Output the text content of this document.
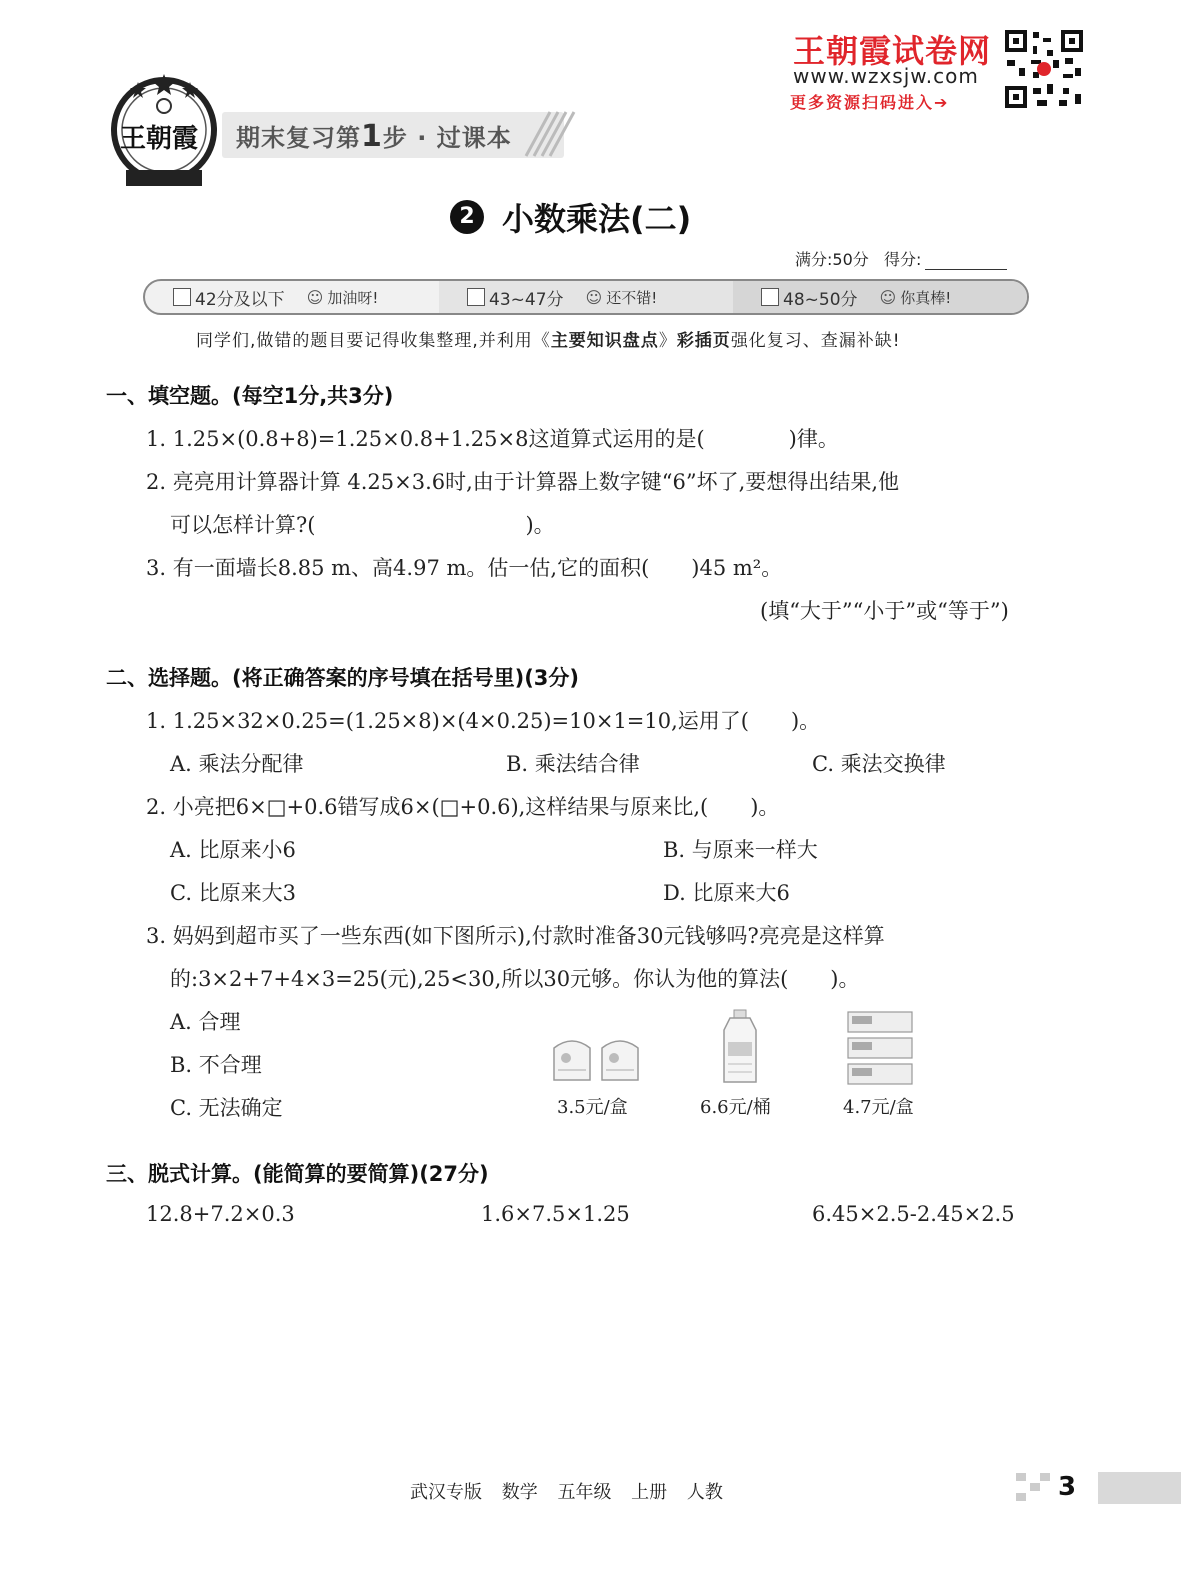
王朝霞 期末复习第1步 · 过课本
王朝霞试卷网
www.wzxsjw.com
更多资源扫码进入➔
2 小数乘法(二)
满分:50分 得分:
42分及以下 ☺ 加油呀!	43~47分 ☺ 还不错!	48~50分 ☺ 你真棒!
同学们,做错的题目要记得收集整理,并利用《主要知识盘点》彩插页强化复习、查漏补缺!
一、填空题。(每空1分,共3分)
1. 1.25×(0.8+8)=1.25×0.8+1.25×8这道算式运用的是(　　　　)律。
2. 亮亮用计算器计算 4.25×3.6时,由于计算器上数字键“6”坏了,要想得出结果,他
可以怎样计算?(　　　　　　　　　　)。
3. 有一面墙长8.85 m、高4.97 m。估一估,它的面积(　　)45 m²。
(填“大于”“小于”或“等于”)
二、选择题。(将正确答案的序号填在括号里)(3分)
1. 1.25×32×0.25=(1.25×8)×(4×0.25)=10×1=10,运用了(　　)。
A. 乘法分配律	B. 乘法结合律	C. 乘法交换律
2. 小亮把6×□+0.6错写成6×(□+0.6),这样结果与原来比,(　　)。
A. 比原来小6	B. 与原来一样大
C. 比原来大3	D. 比原来大6
3. 妈妈到超市买了一些东西(如下图所示),付款时准备30元钱够吗?亮亮是这样算
的:3×2+7+4×3=25(元),25<30,所以30元够。你认为他的算法(　　)。
A. 合理
B. 不合理
C. 无法确定	3.5元/盒	6.6元/桶	4.7元/盒
三、脱式计算。(能简算的要简算)(27分)
12.8+7.2×0.3	1.6×7.5×1.25	6.45×2.5-2.45×2.5
武汉专版 数学 五年级 上册 人教	3
